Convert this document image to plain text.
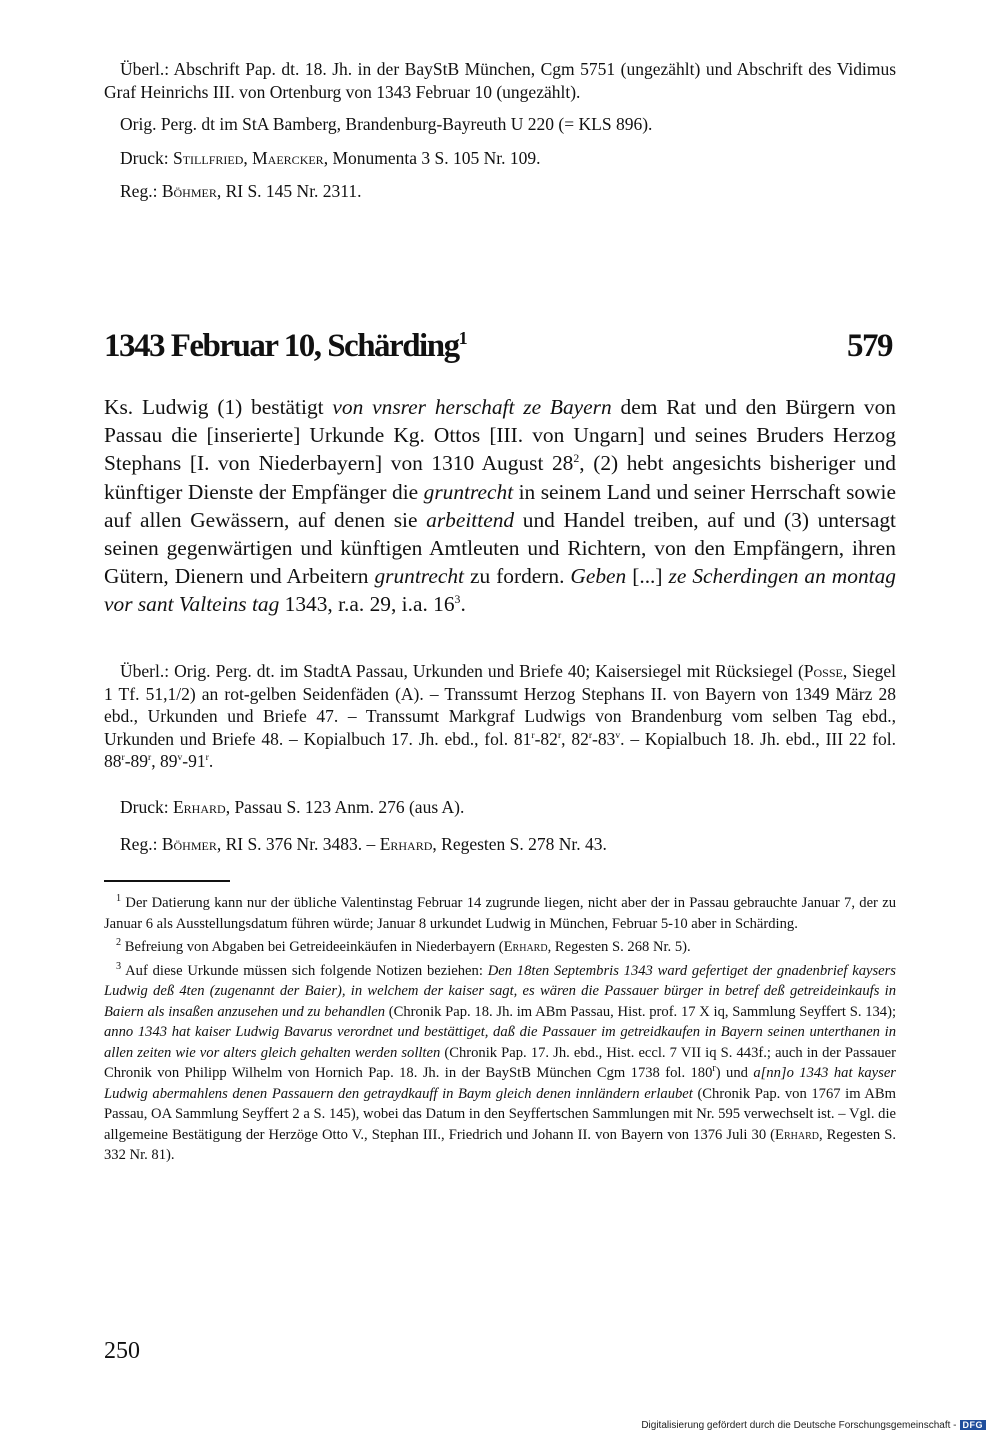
Überl.: Abschrift Pap. dt. 18. Jh. in der BayStB München, Cgm 5751 (ungezählt) und Abschrift des Vidimus Graf Heinrichs III. von Ortenburg von 1343 Februar 10 (ungezählt).

Orig. Perg. dt im StA Bamberg, Brandenburg-Bayreuth U 220 (= KLS 896).

Druck: Stillfried, Maercker, Monumenta 3 S. 105 Nr. 109.

Reg.: Böhmer, RI S. 145 Nr. 2311.

1343 Februar 10, Schärding$^1$	579

Ks. Ludwig (1) bestätigt von vnsrer herschaft ze Bayern dem Rat und den Bürgern von Passau die [inserierte] Urkunde Kg. Ottos [III. von Ungarn] und seines Bruders Herzog Stephans [I. von Niederbayern] von 1310 August $28^2$, (2) hebt angesichts bisheriger und künftiger Dienste der Empfänger die gruntrecht in seinem Land und seiner Herrschaft sowie auf allen Gewässern, auf denen sie arbeittend und Handel treiben, auf und (3) untersagt seinen gegenwärtigen und künftigen Amtleuten und Richtern, von den Empfängern, ihren Gütern, Dienern und Arbeitern gruntrecht zu fordern. Geben [...] ze Scherdingen an montag vor sant Valteins tag 1343, r.a. 29, i.a. $16^3$.

Überl.: Orig. Perg. dt. im StadtA Passau, Urkunden und Briefe 40; Kaisersiegel mit Rücksiegel (Posse, Siegel 1 Tf. 51,1/2) an rot-gelben Seidenfäden (A). – Transsumt Herzog Stephans II. von Bayern von 1349 März 28 ebd., Urkunden und Briefe 47. – Transsumt Markgraf Ludwigs von Brandenburg vom selben Tag ebd., Urkunden und Briefe 48. – Kopialbuch 17. Jh. ebd., fol. 81$^r$-82$^r$, 82$^r$-83$^v$. – Kopialbuch 18. Jh. ebd., III 22 fol. 88$^r$-89$^r$, 89$^v$-91$^r$.

Druck: Erhard, Passau S. 123 Anm. 276 (aus A).

Reg.: Böhmer, RI S. 376 Nr. 3483. – Erhard, Regesten S. 278 Nr. 43.

$^1$ Der Datierung kann nur der übliche Valentinstag Februar 14 zugrunde liegen, nicht aber der in Passau gebrauchte Januar 7, der zu Januar 6 als Ausstellungsdatum führen würde; Januar 8 urkundet Ludwig in München, Februar 5-10 aber in Schärding.

$^2$ Befreiung von Abgaben bei Getreideeinkäufen in Niederbayern (Erhard, Regesten S. 268 Nr. 5).

$^3$ Auf diese Urkunde müssen sich folgende Notizen beziehen: Den 18ten Septembris 1343 ward gefertiget der gnadenbrief kaysers Ludwig deß 4ten (zugenannt der Baier), in welchem der kaiser sagt, es wären die Passauer bürger in betref deß getreideinkaufs in Baiern als insaßen anzusehen und zu behandlen (Chronik Pap. 18. Jh. im ABm Passau, Hist. prof. 17 X iq, Sammlung Seyffert S. 134); anno 1343 hat kaiser Ludwig Bavarus verordnet und bestättiget, daß die Passauer im getreidkaufen in Bayern seinen unterthanen in allen zeiten wie vor alters gleich gehalten werden sollten (Chronik Pap. 17. Jh. ebd., Hist. eccl. 7 VII iq S. 443f.; auch in der Passauer Chronik von Philipp Wilhelm von Hornich Pap. 18. Jh. in der BayStB München Cgm 1738 fol. 180$^r$) und a[nn]o 1343 hat kayser Ludwig abermahlens denen Passauern den getraydkauff in Baym gleich denen innländern erlaubet (Chronik Pap. von 1767 im ABm Passau, OA Sammlung Seyffert 2 a S. 145), wobei das Datum in den Seyffertschen Sammlungen mit Nr. 595 verwechselt ist. – Vgl. die allgemeine Bestätigung der Herzöge Otto V., Stephan III., Friedrich und Johann II. von Bayern von 1376 Juli 30 (Erhard, Regesten S. 332 Nr. 81).

250
Digitalisierung gefördert durch die Deutsche Forschungsgemeinschaft - DFG
